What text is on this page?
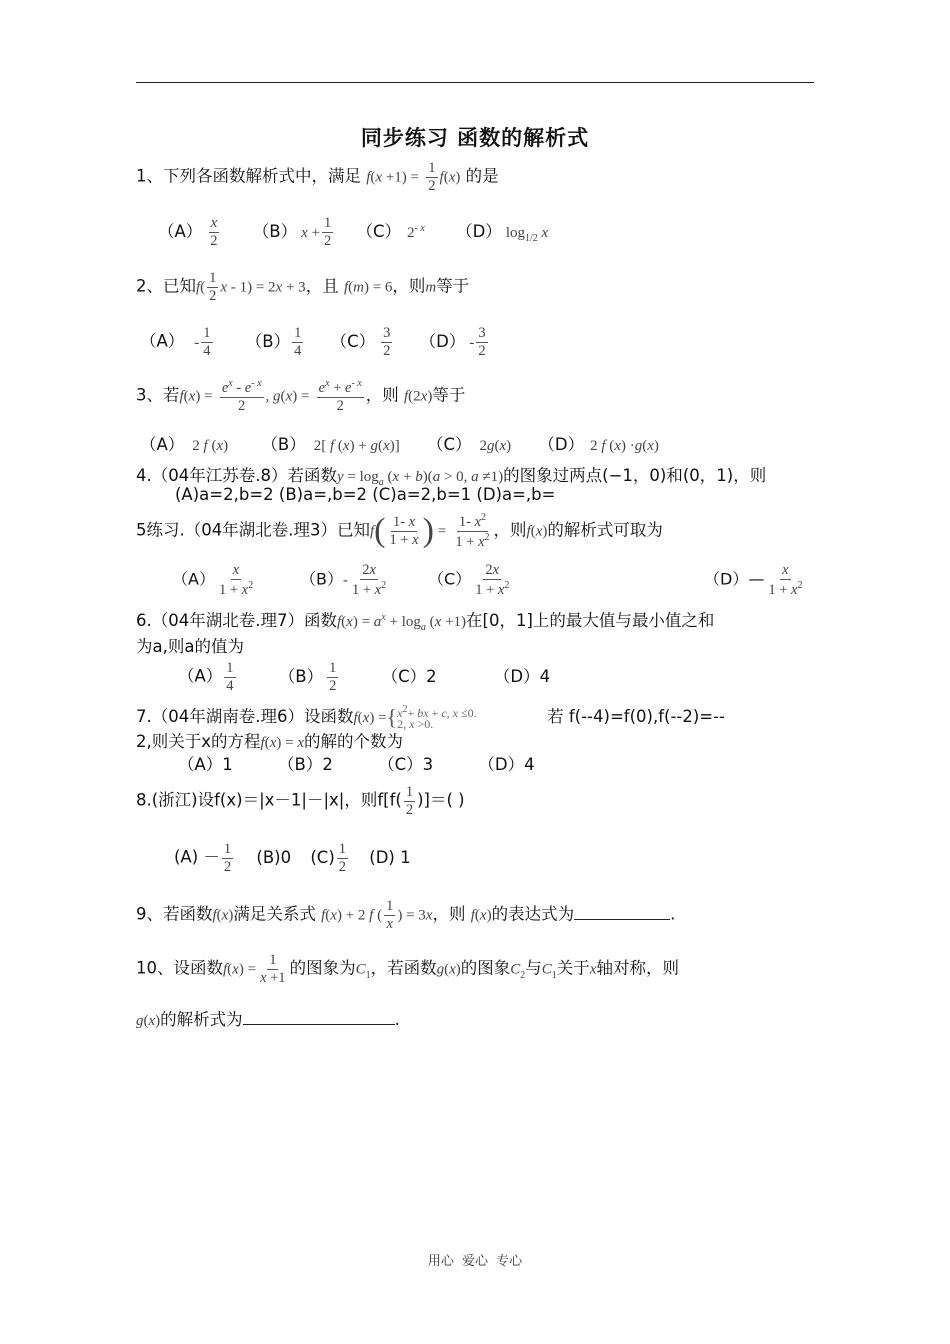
同步练习 函数的解析式
1、下列各函数解析式中，满足 $f(x +1) = \frac{1}{2} f(x)$ 的是
$(A) \frac{x}{2} (B) x + \frac{1}{2} (C)$ $2^{- x}$ （D） $\log_{1/2} x$
2、已知$f( \frac{1}{2}$ x - 1) = 2x + 3，且 f(m) = 6，则m等于
$(A) - \frac{1}{4} (B) \frac{1}{4} (C) \frac{3}{2} (D) - \frac{3}{2}$
3、若$f(x) = \frac{e^x - e^{- x}}{2}$ , $g(x) = \frac{e^x + e^{- x}}{2}$ ，则 f(2x)等于
（A） 2 f (x) （B） 2[ f (x) + g(x)] （C） 2g(x) （D） 2 f (x) ·g(x)
4.（04年江苏卷.8）若函数$y = \log_a (x + b)(a > 0$, a ≠1)的图象过两点(−1，0)和(0，1)，则
(A)a=2,b=2 (B)a=,b=2 (C)a=2,b=1 (D)a=,b=
5练习.（04年湖北卷.理3）已知$f( \frac{1- x}{1 + x}$ ) = $\frac{1- x^2}{1 + x^2}$ ，则f(x)的解析式可取为
$(A) \frac{x}{1 + x^2}$	$(B)- \frac{2x}{1 + x^2} (C) \frac{2x}{1 + x^2}$	（D）— $\frac{x}{1 + x^2}$
6.（04年湖北卷.理7）函数$f(x) = a^x + \log_a (x +1)$在[0，1]上的最大值与最小值之和
为a,则a的值为
$(A) \frac{1}{4}$	$(B) \frac{1}{2}$	（C）2	（D）4
7.（04年湖南卷.理6）设函数$f(x) =\{x^2+$ bx + c, x ≤0.
2, x >0.	若 f(--4)=f(0),f(--2)=--
2,则关于x的方程f(x) = x的解的个数为
（A）1	（B）2	（C）3	（D）4
8.(浙江)设f(x)＝|x－1|－|x|，则$f[f( \frac{1}{2}$ )]＝( )
$(A) - \frac{1}{2} (B)0$ $(C) \frac{1}{2} (D)$ 1
9、若函数f(x)满足关系式 f(x) + 2 f ( $\frac{1}{x}$ ) = 3x，则 f(x)的表达式为	.
10、设函数$f(x) = \frac{1}{x +1}$ 的图象为$C_1$，若函数g(x)的图象$C_2$与$C_1$关于x轴对称，则
g(x)的解析式为	.
用心 爱心 专心
